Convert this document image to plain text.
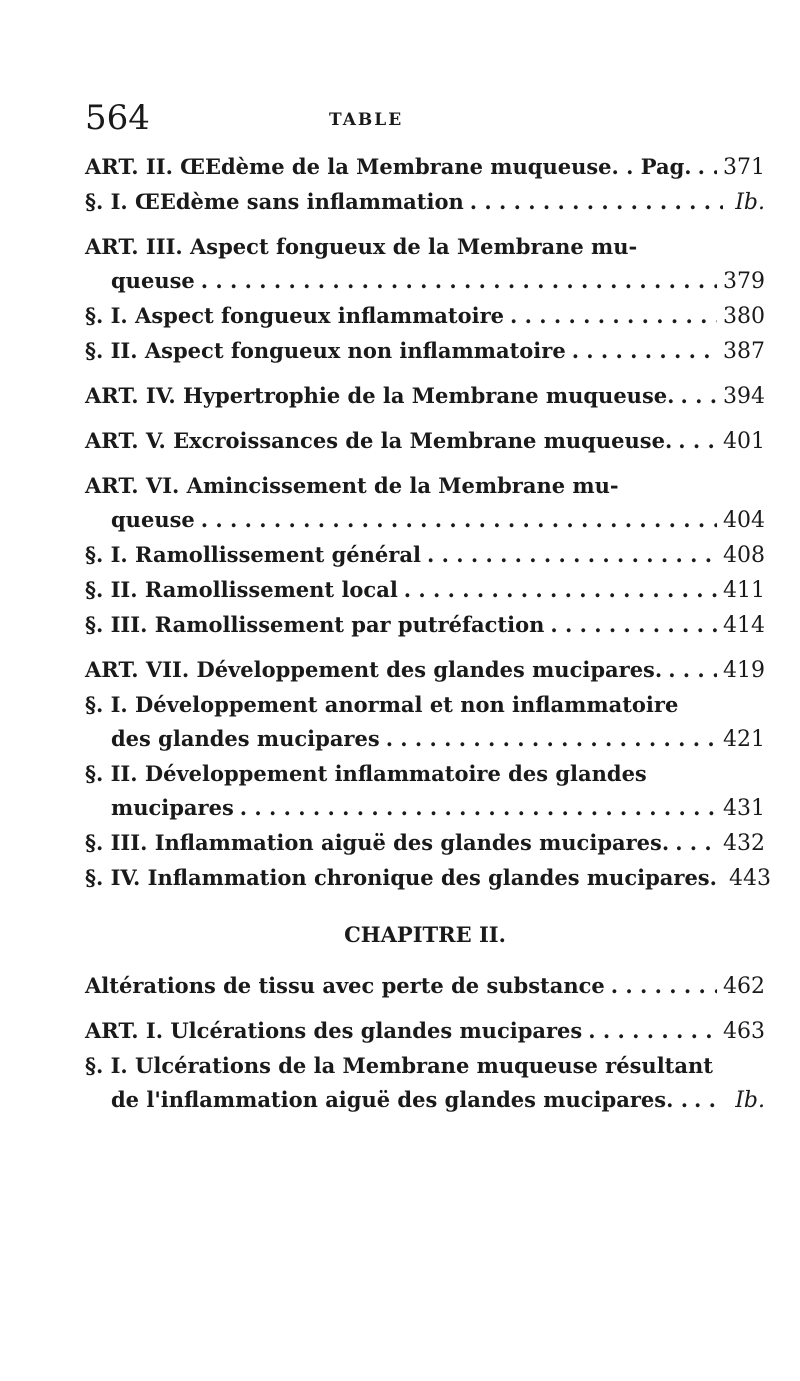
564	TABLE
ART. II. ŒEdème de la Membrane muqueuse. . Pag. . . . 371
§. I. ŒEdème sans inflammation . . .	Ib.
ART. III. Aspect fongueux de la Membrane mu-
queuse . . .	379
§. I. Aspect fongueux inflammatoire . . .	380
§. II. Aspect fongueux non inflammatoire . . .	387
ART. IV. Hypertrophie de la Membrane muqueuse. . . . 394
ART. V. Excroissances de la Membrane muqueuse. . . . 401
ART. VI. Amincissement de la Membrane mu-
queuse . . .	404
§. I. Ramollissement général . . .	408
§. II. Ramollissement local . . .	411
§. III. Ramollissement par putréfaction . . .	414
ART. VII. Développement des glandes mucipares. . . .	419
§. I. Développement anormal et non inflammatoire
des glandes mucipares . . .	421
§. II. Développement inflammatoire des glandes
mucipares . . .	431
§. III. Inflammation aiguë des glandes mucipares. . . . 432
§. IV. Inflammation chronique des glandes mucipares. 443
CHAPITRE II.
Altérations de tissu avec perte de substance . . .	462
ART. I. Ulcérations des glandes mucipares . . .	463
§. I. Ulcérations de la Membrane muqueuse résultant
de l'inflammation aiguë des glandes mucipares. . . . . Ib.
